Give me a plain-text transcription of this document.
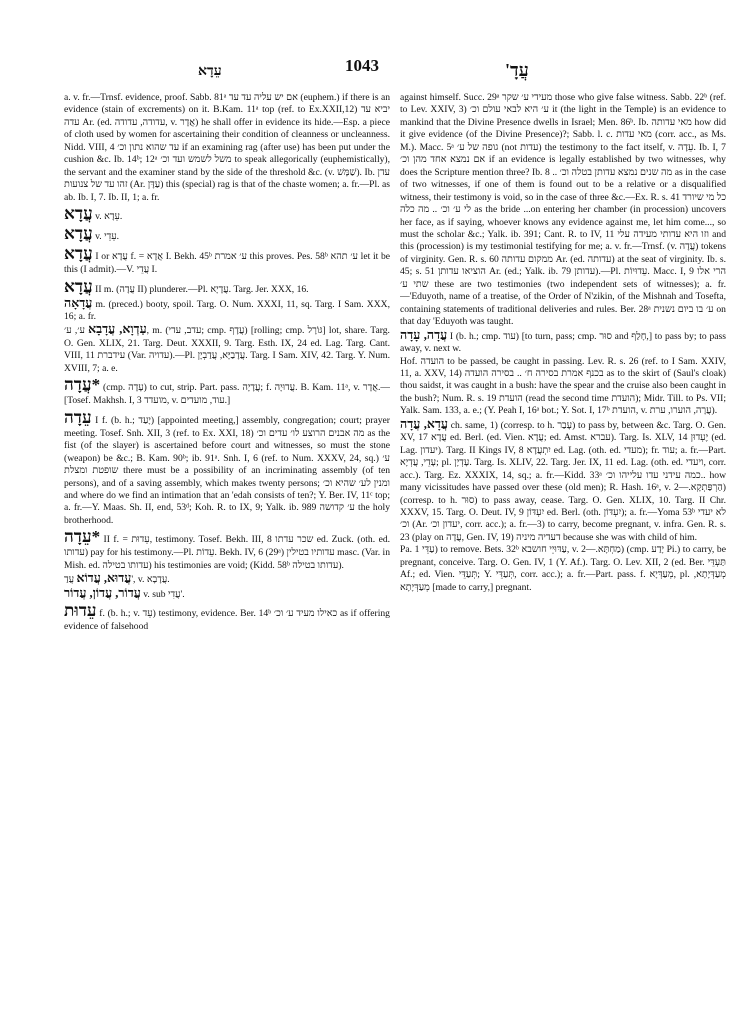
עֵדָא	1043	עֲדָ'

a. v. fr.—Trnsf. evidence, proof. Sabb. 81ᵃ אם יש עליה עד עד (euphem.) if there is an evidence (stain of excrements) on it. B.Kam. 11ᵃ top (ref. to Ex.XXII,12) יביא עד עדה Ar. (ed. עדודה, עדודה, v. אֲדָר) he shall offer in evidence its hide.—Esp. a piece of cloth used by women for ascertaining their condition of cleanness or uncleanness. Nidd. VIII, 4 עד שהוא נתון וכ׳ if an examining rag (after use) has been put under the cushion &c. Ib. 14ᵇ; 12ᵃ משל לשמש ועד וכ׳ to speak allegorically (euphemistically), the servant and the examiner stand by the side of the threshold &c. (v. שַׁמָּשׁ). Ib. עדן זהו עד של צנועות (Ar. עַדָּן) this (special) rag is that of the chaste women; a. fr.—Pl. as ab. Ib. I, 7. Ib. II, 1; a. fr.

עֲדָא v. עֵדָא.

עֲדָא v. עֵדֵי.

עֲדָא I or עֲדָא f. = אֲדָא I. Bekh. 45ᵇ ע׳ אמרת this proves. Pes. 58ᵇ ע׳ תהא let it be this (I admit).—V. עֲדֵי I.

עֲדָא II m. (עֲדָה II) plunderer.—Pl. עֲדָיָא. Targ. Jer. XXX, 16.

עֲדָאָה m. (preced.) booty, spoil. Targ. O. Num. XXXI, 11, sq. Targ. I Sam. XXX, 16; a. fr.

עַדְוָא, עֲדָבָא ע׳, ע׳, m. (עדב, עדי; cmp. עֲדָף) [rolling; cmp. גּוֹרָל] lot, share. Targ. O. Gen. XLIX, 21. Targ. Deut. XXXII, 9. Targ. Esth. IX, 24 ed. Lag. Targ. Cant. VIII, 11 עידברת (Var. עדויה).—Pl. עֲדָבַיָּא, עֲדַבְיָן. Targ. I Sam. XIV, 42. Targ. Y. Num. XVIII, 7; a. e.

עֲדָה* (cmp. עָדָה) to cut, strip. Part. pass. עֲדָיָה; f. עֲדוּיָה. B. Kam. 11ᵃ, v. אֲדָר.—[Tosef. Makhsh. I, 3 מועדד, v. עוד, מועדים.]

עֵדָה I f. (b. h.; יָעַד) [appointed meeting,] assembly, congregation; court; prayer meeting. Tosef. Snh. XII, 3 (ref. to Ex. XXI, 18) מה אבנים הרוצע לו׳ עדים וכ׳ as the fist (of the slayer) is ascertained before court and witnesses, so must the stone (weapon) be &c.; B. Kam. 90ᵇ; ib. 91ᵃ. Snh. I, 6 (ref. to Num. XXXV, 24, sq.) ע׳ שופטת ומצלת there must be a possibility of an incriminating assembly (of ten persons), and of a saving assembly, which makes twenty persons; ומנין לע׳ שהיא וכ׳ and where do we find an intimation that an 'edah consists of ten?; Y. Ber. IV, 11ᶜ top; a. fr.—Y. Maas. Sh. II, end, 53ᵈ; Koh. R. to IX, 9; Yalk. ib. 989 ע׳ קדושה the holy brotherhood.

עֵדָה* II f. = עֵדוּת, testimony. Tosef. Bekh. III, 8 שכר עדתו ed. Zuck. (oth. ed. עדותו) pay for his testimony.—Pl. עֵדוֹת. Bekh. IV, 6 (29ᵃ) עדותיו בטילין masc. (Var. in Mish. ed. עדותו בטילה) his testimonies are void; (Kidd. 58ᵇ עדותו בטילה).

עֲדוּא, עֲדוֹא עֲדַ', v. עֲדָבָא.

עֲדוֹר, עֲדוֹן, עֲדוֹר v. sub עֲדִי'.

עֵדוּת f. (b. h.; v. עֵד) testimony, evidence. Ber. 14ᵇ כאילו מעיד ע׳ וכ׳ as if offering evidence of falsehood

against himself. Succ. 29ᵃ מעידי ע׳ שקר those who give false witness. Sabb. 22ᵇ (ref. to Lev. XXIV, 3) ע׳ היא לבאי עולם וכ׳ it (the light in the Temple) is an evidence to mankind that the Divine Presence dwells in Israel; Men. 86ᵇ. Ib. מאי עדותה how did it give evidence (of the Divine Presence)?; Sabb. l. c. מאי עדות (corr. acc., as Ms. M.). Macc. 5ᵃ גופה של ע׳ (not עדות) the testimony to the fact itself, v. עֵדָה. Ib. I, 7 אם נמצא אחד מהן וכ׳ if an evidence is legally established by two witnesses, why does the Scripture mention three? Ib. 8 .. מה שנים נמצא עדותן בטלה וכ׳ as in the case of two witnesses, if one of them is found out to be a relative or a disqualified witness, their testimony is void, so in the case of three &c.—Ex. R. s. 41 כל מי שיורד לי ע׳ וכ׳ .. מה כלה as the bride ...on entering her chamber (in procession) uncovers her face, as if saying, whoever knows any evidence against me, let him come..., so must the scholar &c.; Yalk. ib. 391; Cant. R. to IV, 11 וזו היא עדותי מעידה עלי and this (procession) is my testimonial testifying for me; a. v. fr.—Trnsf. (v. עֲדָה) tokens of virginity. Gen. R. s. 60 ממקום עדותה Ar. (ed. עדותה) at the seat of virginity. Ib. s. 45; s. 51 הוציאו עדותן Ar. (ed.; Yalk. ib. 79 עדותן).—Pl. עֵדוּיוֹת. Macc. I, 9 הרי אלו שתי ע׳ these are two testimonies (two independent sets of witnesses); a. fr.—'Eduyoth, name of a treatise, of the Order of N'zikin, of the Mishnah and Tosefta, containing statements of traditional deliveries and rules. Ber. 28ᵃ ע׳ בו ביום נשנית on that day 'Eduyoth was taught.

עֲדָה, עָדָה I (b. h.; cmp. עוד) [to turn, pass; cmp. סוּר and חָלַף,] to pass by; to pass away, v. next w.

Hof. הועדה to be passed, be caught in passing. Lev. R. s. 26 (ref. to I Sam. XXIV, 11, a. XXV, 14) בכנף אמרת בסירה ח׳ .. בסירה הועדה as to the skirt of (Saul's cloak) thou saidst, it was caught in a bush: have the spear and the cruise also been caught in the bush?; Num. R. s. 19 הועדת (read the second time הועדת); Midr. Till. to Ps. VII; Yalk. Sam. 133, a. e.; (Y. Peah I, 16ᵃ bot.; Y. Sot. I, 17ᵇ הועדת, v. עֲרָה, הוערו, ערת).

עֲדָא, עֲדָה ch. same, 1) (corresp. to h. עָבַר) to pass by, between &c. Targ. O. Gen. XV, 17 עֲדָא ed. Berl. (ed. Vien. עֲדָא; ed. Amst. עברא). Targ. Is. XLV, 14 יֶעְדוּן (ed. Lag. יעדון). Targ. II Kings IV, 8 יִתְעֲדָא ed. Lag. (oth. ed. מעדי); fr. עוד; a. fr.—Part. עָדֵי, עֲדְיָא; pl. עָדְיָן. Targ. Is. XLIV, 22. Targ. Jer. IX, 11 ed. Lag. (oth. ed. ויעדי, corr. acc.). Targ. Ez. XXXIX, 14, sq.; a. fr.—Kidd. 33ᵃ כמה עידני עדו עלייהו וכ׳.. how many vicissitudes have passed over these (old men); R. Hash. 16ᵃ, v. הַרְפַּתְקָא.—2) (corresp. to h. סוּר) to pass away, cease. Targ. O. Gen. XLIX, 10. Targ. II Chr. XXXV, 15. Targ. O. Deut. IV, 9 יִעְדּוֹן ed. Berl. (oth. יִעְדּוֹן); a. fr.—Yoma 53ᵇ לא יעדי וכ׳ (Ar. יעדון וכ׳, corr. acc.); a. fr.—3) to carry, become pregnant, v. infra. Gen. R. s. 23 (play on עֲדָה, Gen. IV, 19) דעדיה מיניה because she was with child of him.

Pa. עַדֵּי 1) to remove. Bets. 32ᵇ עַדּוּיֵי חושבא, v. מַחְתָּא.—2) (cmp. יָדַע Pi.) to carry, be pregnant, conceive. Targ. O. Gen. IV, 1 (Y. Af.). Targ. O. Lev. XII, 2 (ed. Ber. תַּעְדֵּי Af.; ed. Vien. תְּעַדֵּי; Y. תְּעַדֵּי, corr. acc.); a. fr.—Part. pass. f. מְעַדְּיָא, pl. מְעַדְּיָתָא, מְעַדְּיָתָא [made to carry,] pregnant.
